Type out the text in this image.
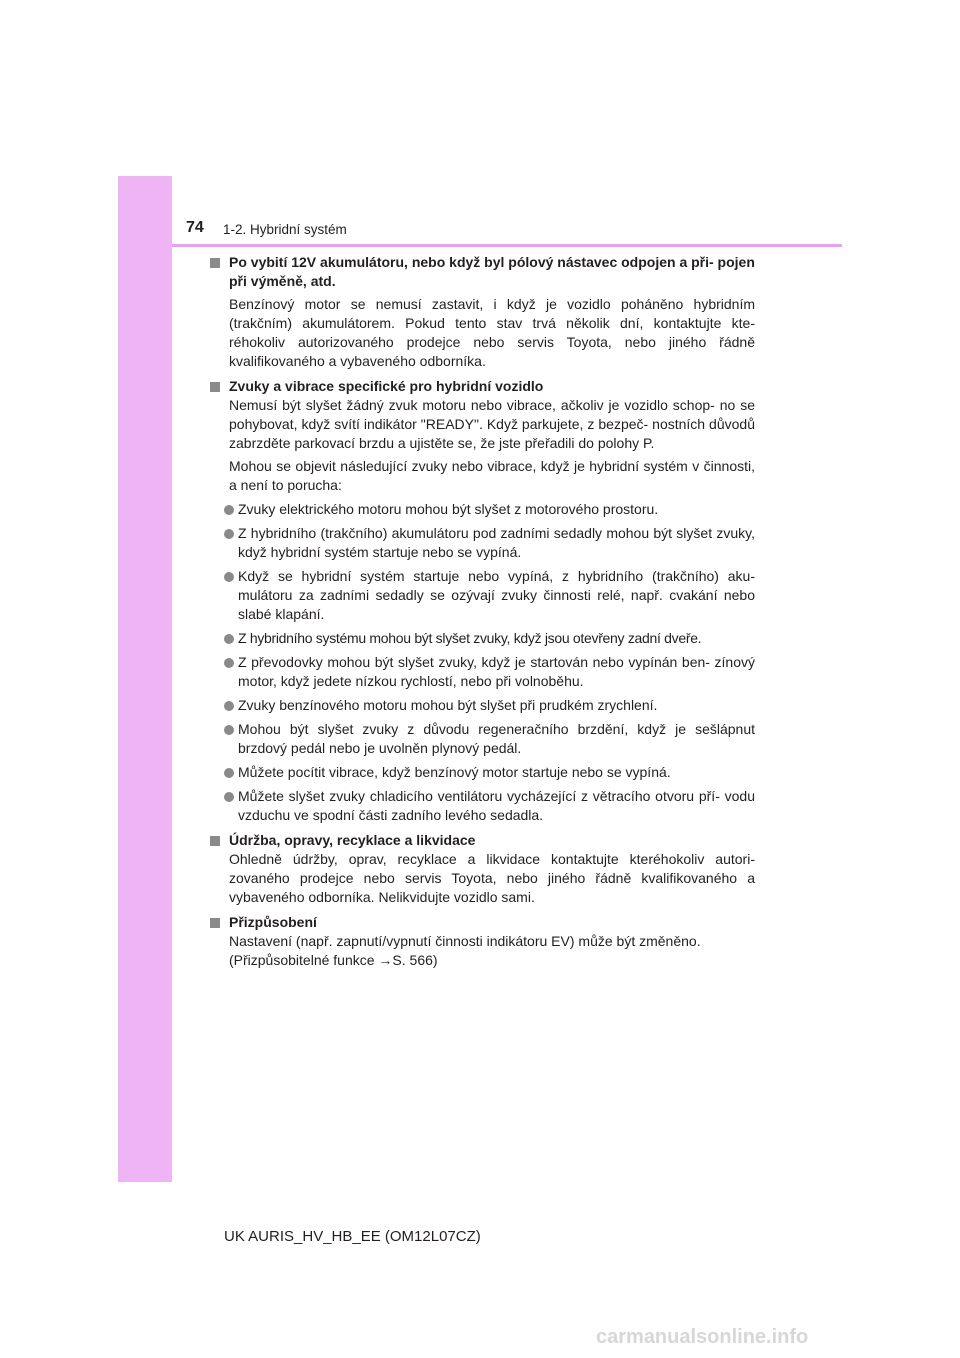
74 1-2. Hybridní systém
Po vybití 12V akumulátoru, nebo když byl pólový nástavec odpojen a při- pojen při výměně, atd.
Benzínový motor se nemusí zastavit, i když je vozidlo poháněno hybridním (trakčním) akumulátorem. Pokud tento stav trvá několik dní, kontaktujte kte- réhokoliv autorizovaného prodejce nebo servis Toyota, nebo jiného řádně kvalifikovaného a vybaveného odborníka.
Zvuky a vibrace specifické pro hybridní vozidlo
Nemusí být slyšet žádný zvuk motoru nebo vibrace, ačkoliv je vozidlo schop- no se pohybovat, když svítí indikátor "READY". Když parkujete, z bezpeč- nostních důvodů zabrzděte parkovací brzdu a ujistěte se, že jste přeřadili do polohy P.
Mohou se objevit následující zvuky nebo vibrace, když je hybridní systém v činnosti, a není to porucha:
Zvuky elektrického motoru mohou být slyšet z motorového prostoru.
Z hybridního (trakčního) akumulátoru pod zadními sedadly mohou být slyšet zvuky, když hybridní systém startuje nebo se vypíná.
Když se hybridní systém startuje nebo vypíná, z hybridního (trakčního) aku- mulátoru za zadními sedadly se ozývají zvuky činnosti relé, např. cvakání nebo slabé klapání.
Z hybridního systému mohou být slyšet zvuky, když jsou otevřeny zadní dveře.
Z převodovky mohou být slyšet zvuky, když je startován nebo vypínán ben- zínový motor, když jedete nízkou rychlostí, nebo při volnoběhu.
Zvuky benzínového motoru mohou být slyšet při prudkém zrychlení.
Mohou být slyšet zvuky z důvodu regeneračního brzdění, když je sešlápnut brzdový pedál nebo je uvolněn plynový pedál.
Můžete pocítit vibrace, když benzínový motor startuje nebo se vypíná.
Můžete slyšet zvuky chladicího ventilátoru vycházející z větracího otvoru pří- vodu vzduchu ve spodní části zadního levého sedadla.
Údržba, opravy, recyklace a likvidace
Ohledně údržby, oprav, recyklace a likvidace kontaktujte kteréhokoliv autori- zovaného prodejce nebo servis Toyota, nebo jiného řádně kvalifikovaného a vybaveného odborníka. Nelikvidujte vozidlo sami.
Přizpůsobení
Nastavení (např. zapnutí/vypnutí činnosti indikátoru EV) může být změněno.
(Přizpůsobitelné funkce →S. 566)
UK AURIS_HV_HB_EE (OM12L07CZ)
carmanualsonline.info
